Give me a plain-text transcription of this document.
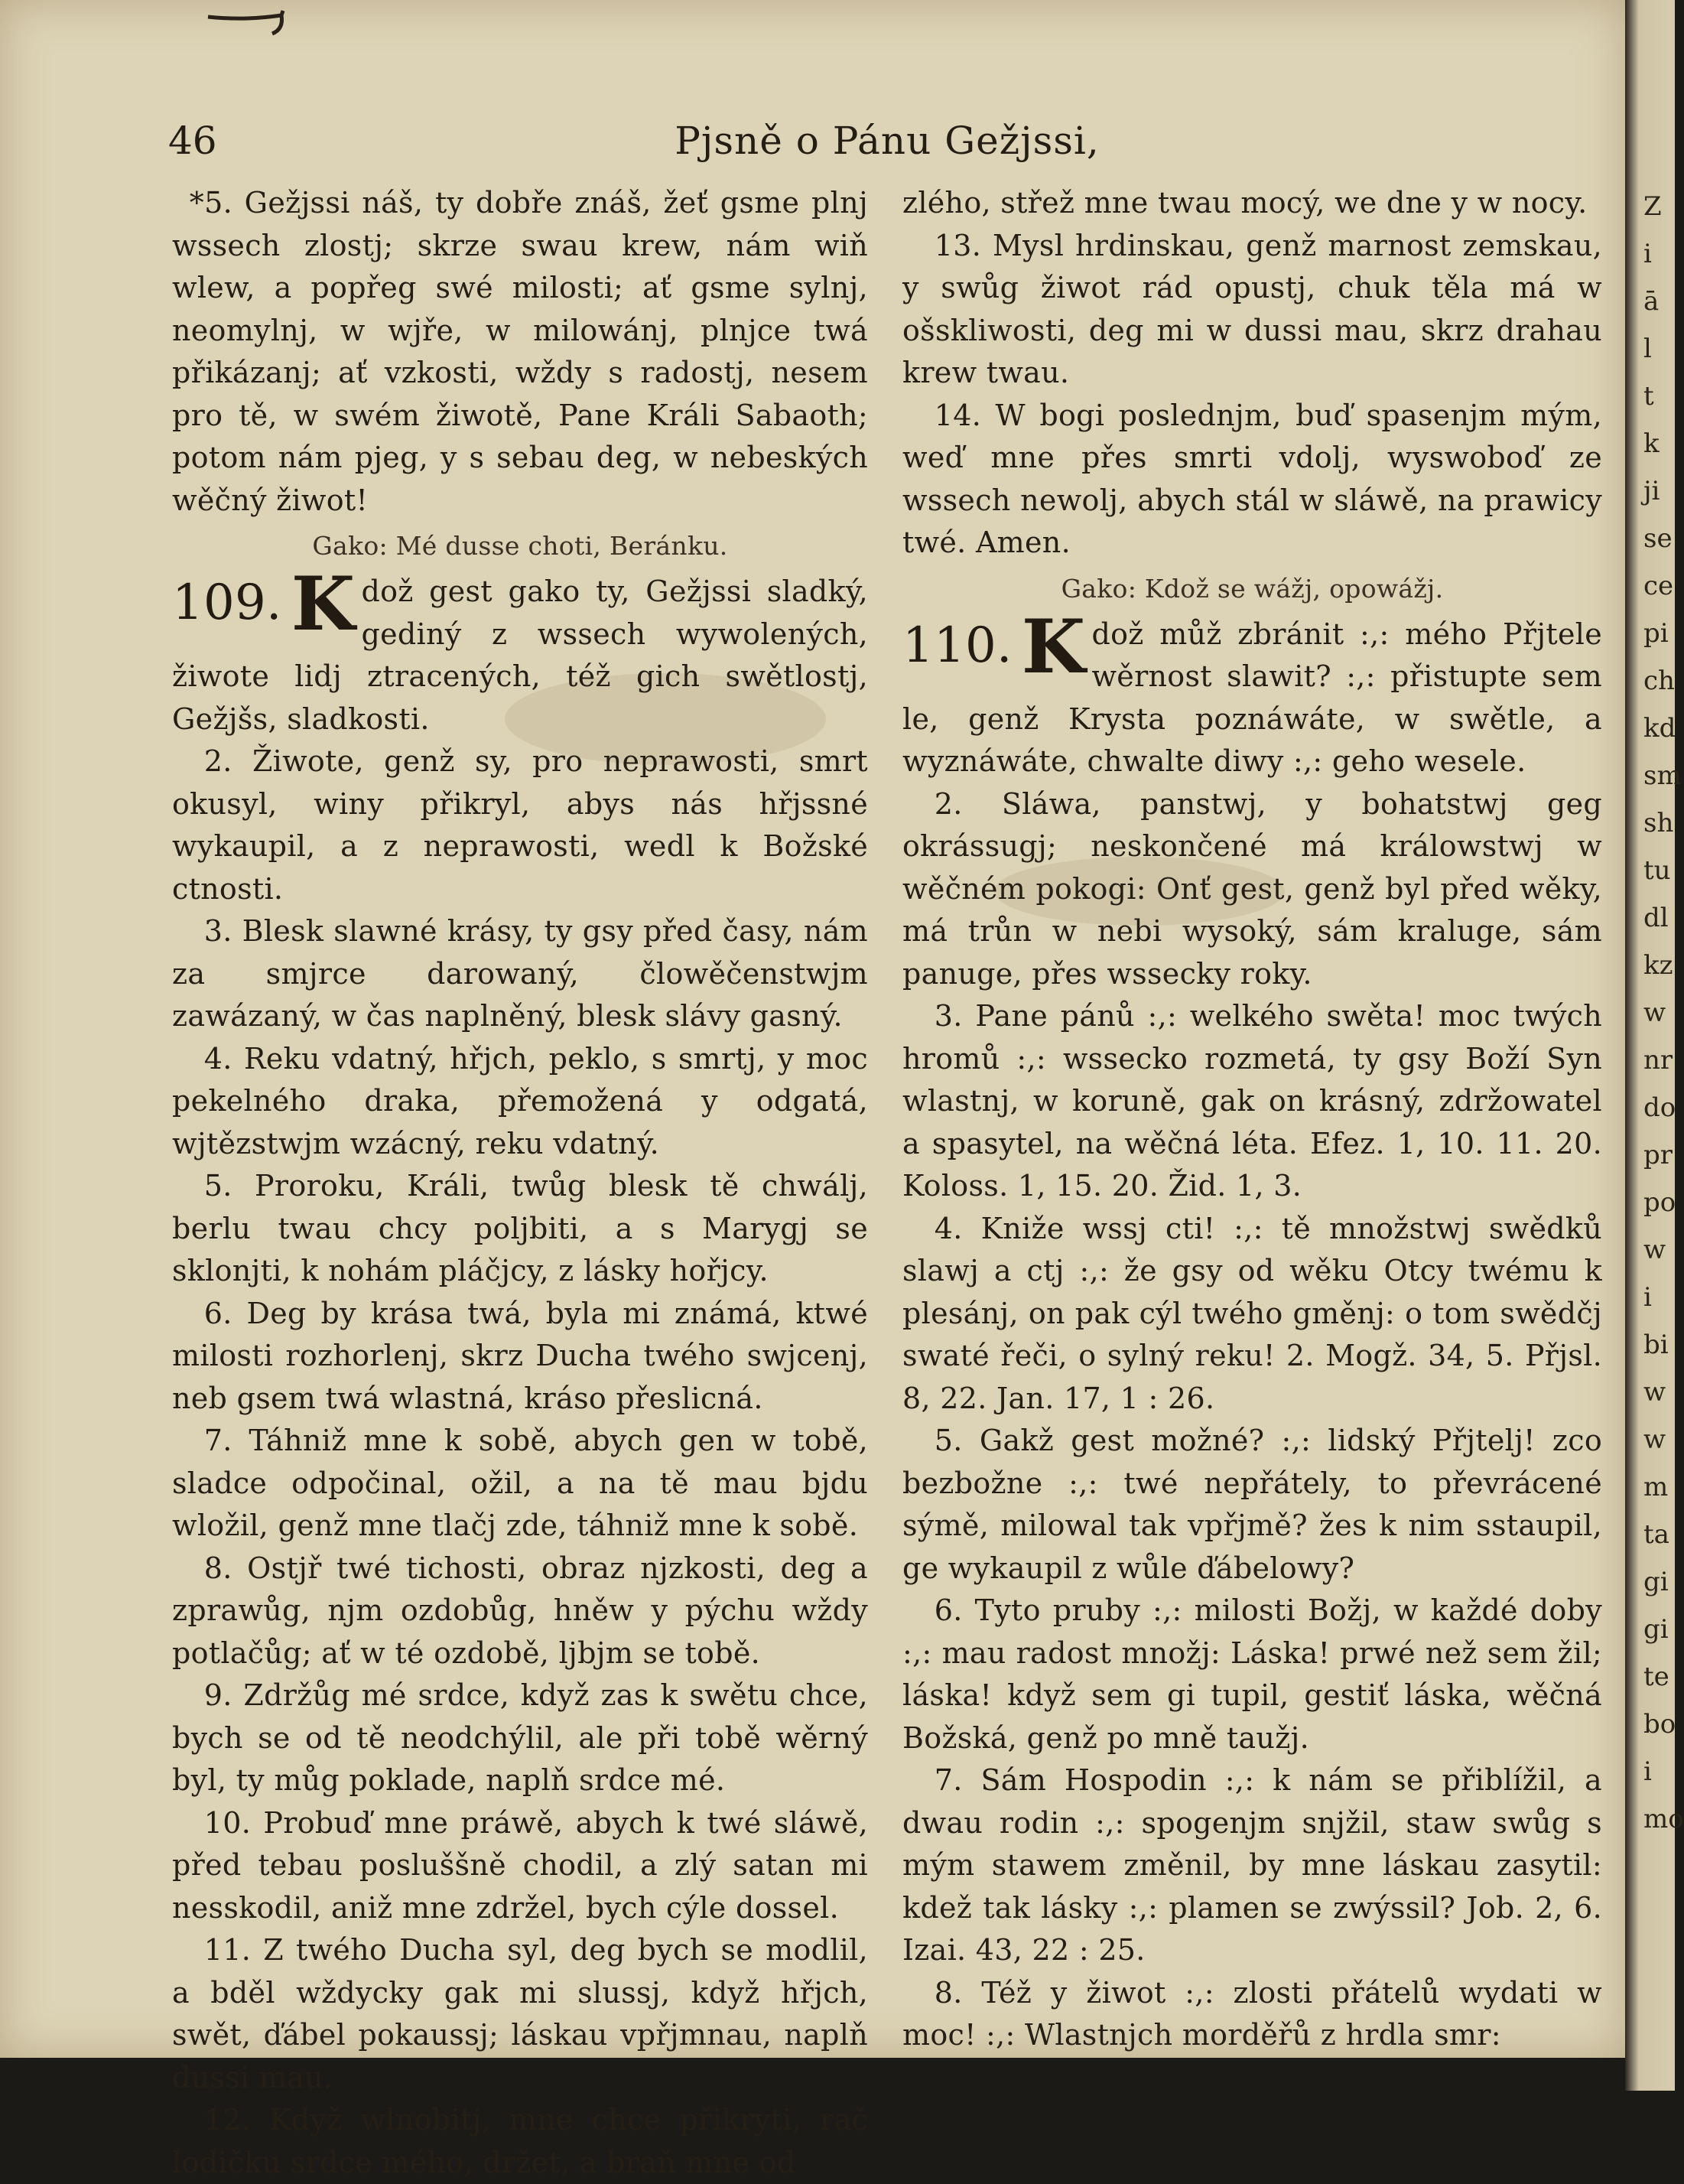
46	Pjsně o Pánu Gežjssi,

*5. Gežjssi náš, ty dobře znáš, žeť gsme plnj wssech zlostj; skrze swau krew, nám wiň wlew, a popřeg swé milosti; ať gsme sylnj, neomylnj, w wjře, w milowánj, plnjce twá přikázanj; ať vzkosti, wždy s radostj, nesem pro tě, w swém žiwotě, Pane Králi Sabaoth; potom nám pjeg, y s sebau deg, w nebeských wěčný žiwot!

Gako: Mé dusse choti, Beránku.

109. K dož gest gako ty, Gežjssi sladký, gediný z wssech wywolených, žiwote lidj ztracených, též gich swětlostj, Gežjšs, sladkosti.

2. Žiwote, genž sy, pro neprawosti, smrt okusyl, winy přikryl, abys nás hřjssné wykaupil, a z neprawosti, wedl k Božské ctnosti.

3. Blesk slawné krásy, ty gsy před časy, nám za smjrce darowaný, člowěčenstwjm zawázaný, w čas naplněný, blesk slávy gasný.

4. Reku vdatný, hřjch, peklo, s smrtj, y moc pekelného draka, přemožená y odgatá, wjtězstwjm wzácný, reku vdatný.

5. Proroku, Králi, twůg blesk tě chwálj, berlu twau chcy poljbiti, a s Marygj se sklonjti, k nohám pláčjcy, z lásky hořjcy.

6. Deg by krása twá, byla mi známá, ktwé milosti rozhorlenj, skrz Ducha twého swjcenj, neb gsem twá wlastná, kráso přeslicná.

7. Táhniž mne k sobě, abych gen w tobě, sladce odpočinal, ožil, a na tě mau bjdu wložil, genž mne tlačj zde, táhniž mne k sobě.

8. Ostjř twé tichosti, obraz njzkosti, deg a zprawůg, njm ozdobůg, hněw y pýchu wždy potlačůg; ať w té ozdobě, ljbjm se tobě.

9. Zdržůg mé srdce, když zas k swětu chce, bych se od tě neodchýlil, ale při tobě wěrný byl, ty můg poklade, naplň srdce mé.

10. Probuď mne práwě, abych k twé sláwě, před tebau posluššně chodil, a zlý satan mi nesskodil, aniž mne zdržel, bych cýle dossel.

11. Z twého Ducha syl, deg bych se modlil, a bděl wždycky gak mi slussj, když hřjch, swět, ďábel pokaussj; láskau vpřjmnau, naplň dussi mau.

12. Když wlnobitj, mne chce přikryti, rač lodičku srdce mého, držet, a braň mne od

zlého, střež mne twau mocý, we dne y w nocy.

13. Mysl hrdinskau, genž marnost zemskau, y swůg žiwot rád opustj, chuk těla má w ošskliwosti, deg mi w dussi mau, skrz drahau krew twau.

14. W bogi poslednjm, buď spasenjm mým, weď mne přes smrti vdolj, wyswoboď ze wssech newolj, abych stál w sláwě, na prawicy twé. Amen.

Gako: Kdož se wážj, opowážj.

110. K dož můž zbránit :,: mého Přjtele wěrnost slawit? :,: přistupte sem le, genž Krysta poznáwáte, w swětle, a wyznáwáte, chwalte diwy :,: geho wesele.

2. Sláwa, panstwj, y bohatstwj geg okrássugj; neskončené má králowstwj w wěčném pokogi: Onť gest, genž byl před wěky, má trůn w nebi wysoký, sám kraluge, sám panuge, přes wssecky roky.

3. Pane pánů :,: welkého swěta! moc twých hromů :,: wssecko rozmetá, ty gsy Boží Syn wlastnj, w koruně, gak on krásný, zdržowatel a spasytel, na wěčná léta. Efez. 1, 10. 11. 20. Koloss. 1, 15. 20. Žid. 1, 3.

4. Kniže wssj cti! :,: tě množstwj swědků slawj a ctj :,: že gsy od wěku Otcy twému k plesánj, on pak cýl twého gměnj: o tom swědčj swaté řeči, o sylný reku! 2. Mogž. 34, 5. Přjsl. 8, 22. Jan. 17, 1 : 26.

5. Gakž gest možné? :,: lidský Přjtelj! zco bezbožne :,: twé nepřátely, to převrácené sýmě, milowal tak vpřjmě? žes k nim sstaupil, ge wykaupil z wůle ďábelowy?

6. Tyto pruby :,: milosti Božj, w každé doby :,: mau radost množj: Láska! prwé než sem žil; láska! když sem gi tupil, gestiť láska, wěčná Božská, genž po mně taužj.

7. Sám Hospodin :,: k nám se přiblížil, a dwau rodin :,: spogenjm snjžil, staw swůg s mým stawem změnil, by mne láskau zasytil: kdež tak lásky :,: plamen se zwýssil? Job. 2, 6. Izai. 43, 22 : 25.

8. Též y žiwot :,: zlosti přátelů wydati w moc! :,: Wlastnjch morděřů z hrdla smr:

Z
i
ā
l
t
k
ji
se
ce
pi
ch
kd
sm
sh
tu
dl
kz
w
nr
do
pr
po
w
i
bi
w
w
m
ta
gi
gi
te
bo
i
mo
